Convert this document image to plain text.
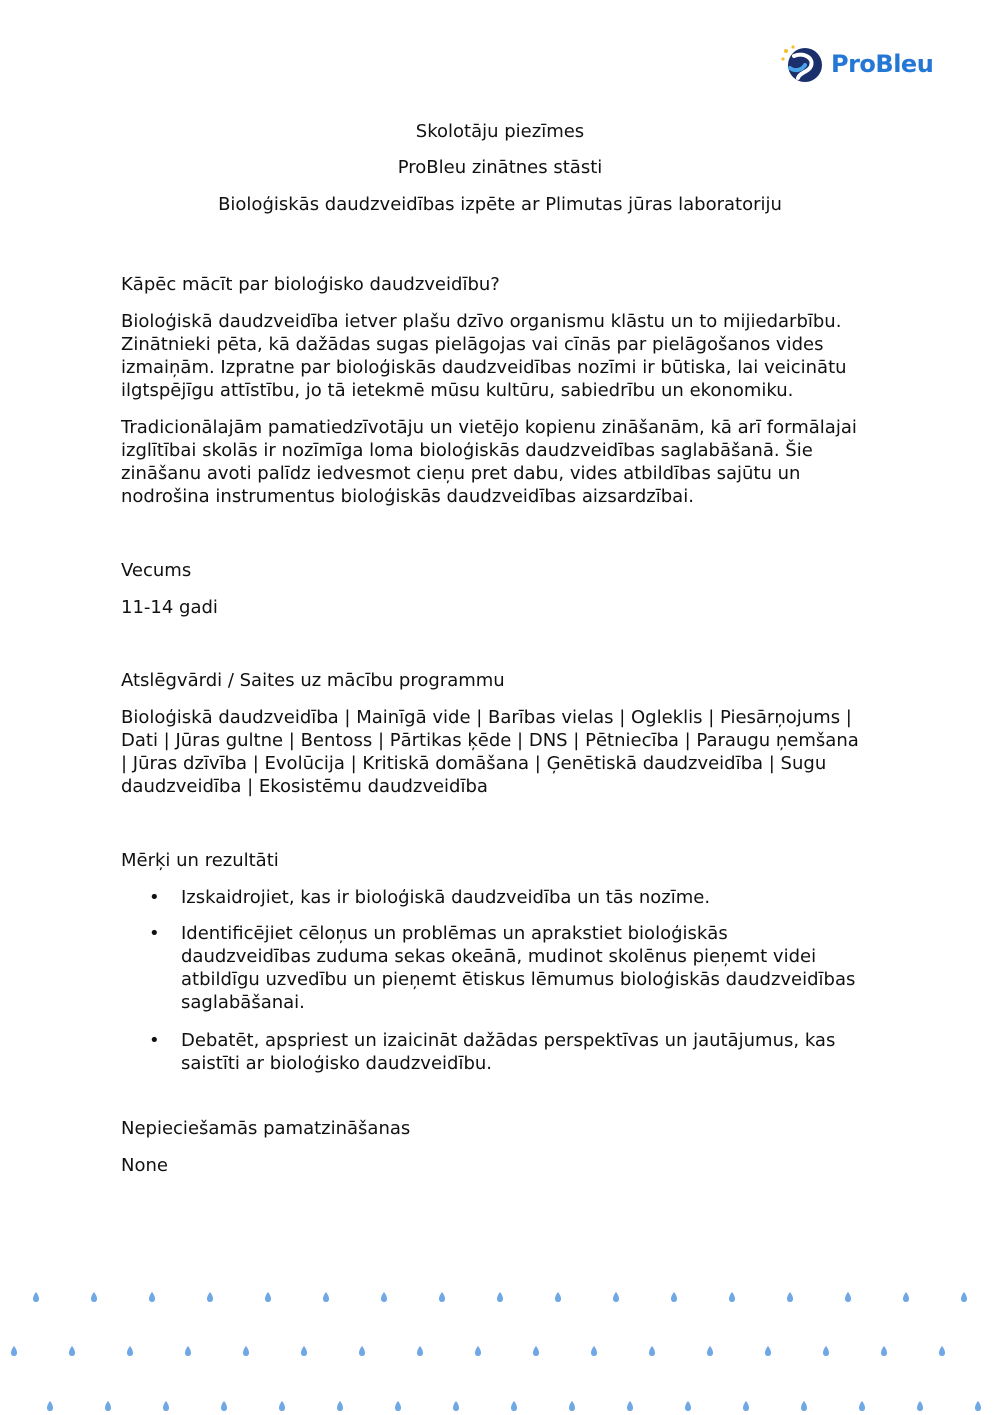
ProBleu
Skolotāju piezīmes
ProBleu zinātnes stāsti
Bioloģiskās daudzveidības izpēte ar Plimutas jūras laboratoriju
Kāpēc mācīt par bioloģisko daudzveidību?
Bioloģiskā daudzveidība ietver plašu dzīvo organismu klāstu un to mijiedarbību.
Zinātnieki pēta, kā dažādas sugas pielāgojas vai cīnās par pielāgošanos vides
izmaiņām. Izpratne par bioloģiskās daudzveidības nozīmi ir būtiska, lai veicinātu
ilgtspējīgu attīstību, jo tā ietekmē mūsu kultūru, sabiedrību un ekonomiku.
Tradicionālajām pamatiedzīvotāju un vietējo kopienu zināšanām, kā arī formālajai
izglītībai skolās ir nozīmīga loma bioloģiskās daudzveidības saglabāšanā. Šie
zināšanu avoti palīdz iedvesmot cieņu pret dabu, vides atbildības sajūtu un
nodrošina instrumentus bioloģiskās daudzveidības aizsardzībai.
Vecums
11-14 gadi
Atslēgvārdi / Saites uz mācību programmu
Bioloģiskā daudzveidība | Mainīgā vide | Barības vielas | Ogleklis | Piesārņojums |
Dati | Jūras gultne | Bentoss | Pārtikas ķēde | DNS | Pētniecība | Paraugu ņemšana
| Jūras dzīvība | Evolūcija | Kritiskā domāšana | Ģenētiskā daudzveidība | Sugu
daudzveidība | Ekosistēmu daudzveidība
Mērķi un rezultāti
• Izskaidrojiet, kas ir bioloģiskā daudzveidība un tās nozīme.
• Identificējiet cēloņus un problēmas un aprakstiet bioloģiskās
daudzveidības zuduma sekas okeānā, mudinot skolēnus pieņemt videi
atbildīgu uzvedību un pieņemt ētiskus lēmumus bioloģiskās daudzveidības
saglabāšanai.
• Debatēt, apspriest un izaicināt dažādas perspektīvas un jautājumus, kas
saistīti ar bioloģisko daudzveidību.
Nepieciešamās pamatzināšanas
None
